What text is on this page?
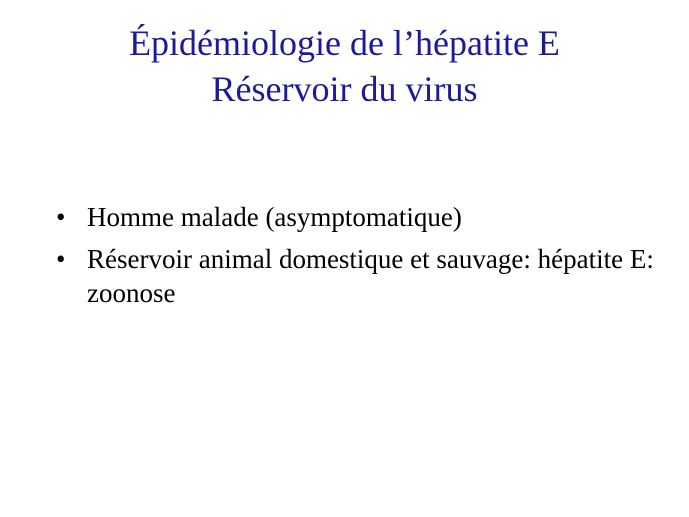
Épidémiologie de l’hépatite E
Réservoir du virus
• Homme malade (asymptomatique)
• Réservoir animal domestique et sauvage: hépatite E: zoonose
